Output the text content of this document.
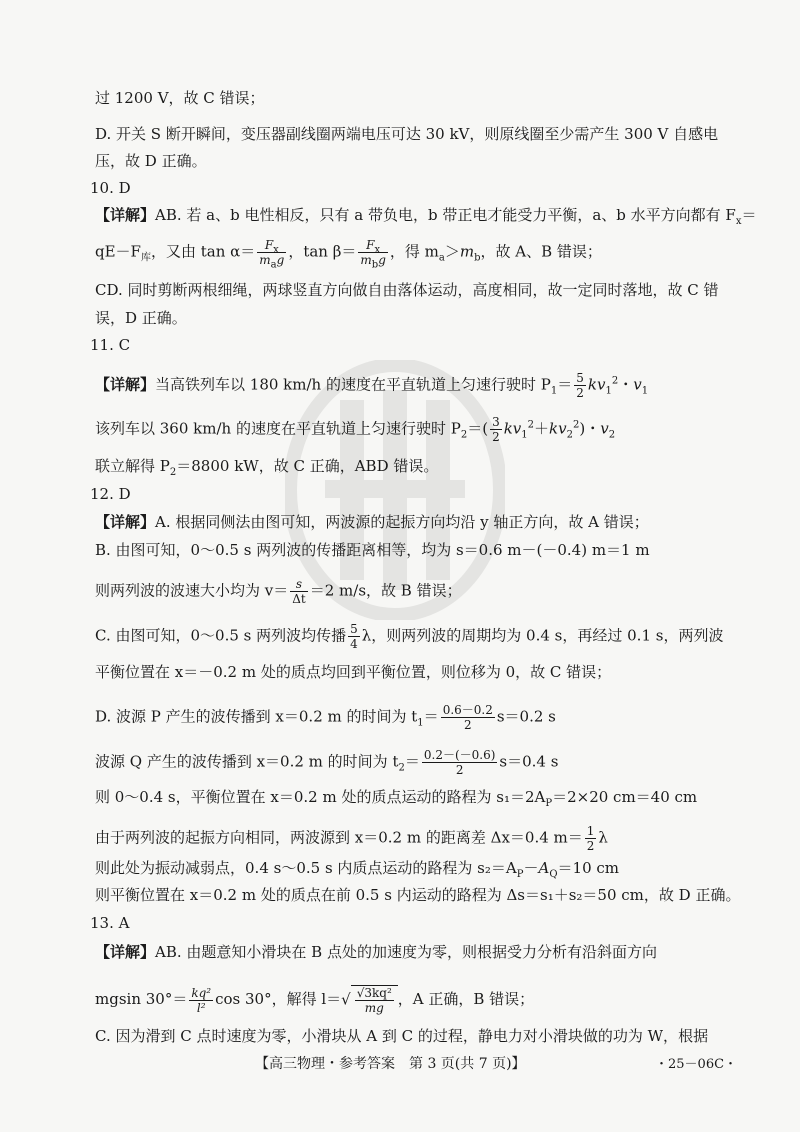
过 1200 V，故 C 错误；
D. 开关 S 断开瞬间，变压器副线圈两端电压可达 30 kV，则原线圈至少需产生 300 V 自感电
压，故 D 正确。
10. D
【详解】AB. 若 a、b 电性相反，只有 a 带负电，b 带正电才能受力平衡，a、b 水平方向都有 $F_x=$
$qE-F_库$，又由 $\tan \alpha= \frac{F_x}{m_ag}$ ，$\tan \beta= \frac{F_x}{m_bg}$ ，得 $m_a>m_b$，故 A、B 错误；
CD. 同时剪断两根细绳，两球竖直方向做自由落体运动，高度相同，故一定同时落地，故 C 错
误，D 正确。
11. C
【详解】当高铁列车以 180 km/h 的速度在平直轨道上匀速行驶时 $P_1= \frac{5}{2} kv_1^2$・$v_1$
该列车以 360 km/h 的速度在平直轨道上匀速行驶时 $P_2=( \frac{3}{2} kv_1^2+kv_2^2)$・$v_2$
联立解得 $P_2=8800$ kW，故 C 正确，ABD 错误。
12. D
【详解】A. 根据同侧法由图可知，两波源的起振方向均沿 y 轴正方向，故 A 错误；
B. 由图可知，0～0.5 s 两列波的传播距离相等，均为 s＝0.6 m－(－0.4) m＝1 m
则两列波的波速大小均为 $v= \frac{s}{\Delta t} =2$ m/s，故 B 错误；
C. 由图可知，0～0.5 s 两列波均传播 $\frac{5}{4}$ λ，则两列波的周期均为 0.4 s，再经过 0.1 s，两列波
平衡位置在 x＝－0.2 m 处的质点均回到平衡位置，则位移为 0，故 C 错误；
D. 波源 P 产生的波传播到 x＝0.2 m 的时间为 $t_1= \frac{0.6-0.2}{2} s=0.2$ s
波源 Q 产生的波传播到 x＝0.2 m 的时间为 $t_2= \frac{0.2-(-0.6)}{2} s=0.4$ s
则 0～0.4 s，平衡位置在 x＝0.2 m 处的质点运动的路程为 $s_1=2A_P=2\times 20$ cm＝40 cm
由于两列波的起振方向相同，两波源到 x＝0.2 m 的距离差 Δx＝0.4 $m= \frac{1}{2}$ λ
则此处为振动减弱点，0.4 s～0.5 s 内质点运动的路程为 $s_2=A_P-A_Q=10$ cm
则平衡位置在 x＝0.2 m 处的质点在前 0.5 s 内运动的路程为 Δs＝s₁＋s₂＝50 cm，故 D 正确。
13. A
【详解】AB. 由题意知小滑块在 B 点处的加速度为零，则根据受力分析有沿斜面方向
mgsin $30^\circ= \frac{\text{kq²}}{\text{l²}}$ cos 30°，解得 $l=√ \frac{\text{√3kq²}}{mg}$ ，A 正确，B 错误；
C. 因为滑到 C 点时速度为零，小滑块从 A 到 C 的过程，静电力对小滑块做的功为 W，根据
【高三物理・参考答案　第 3 页(共 7 页)】	・25－06C・
